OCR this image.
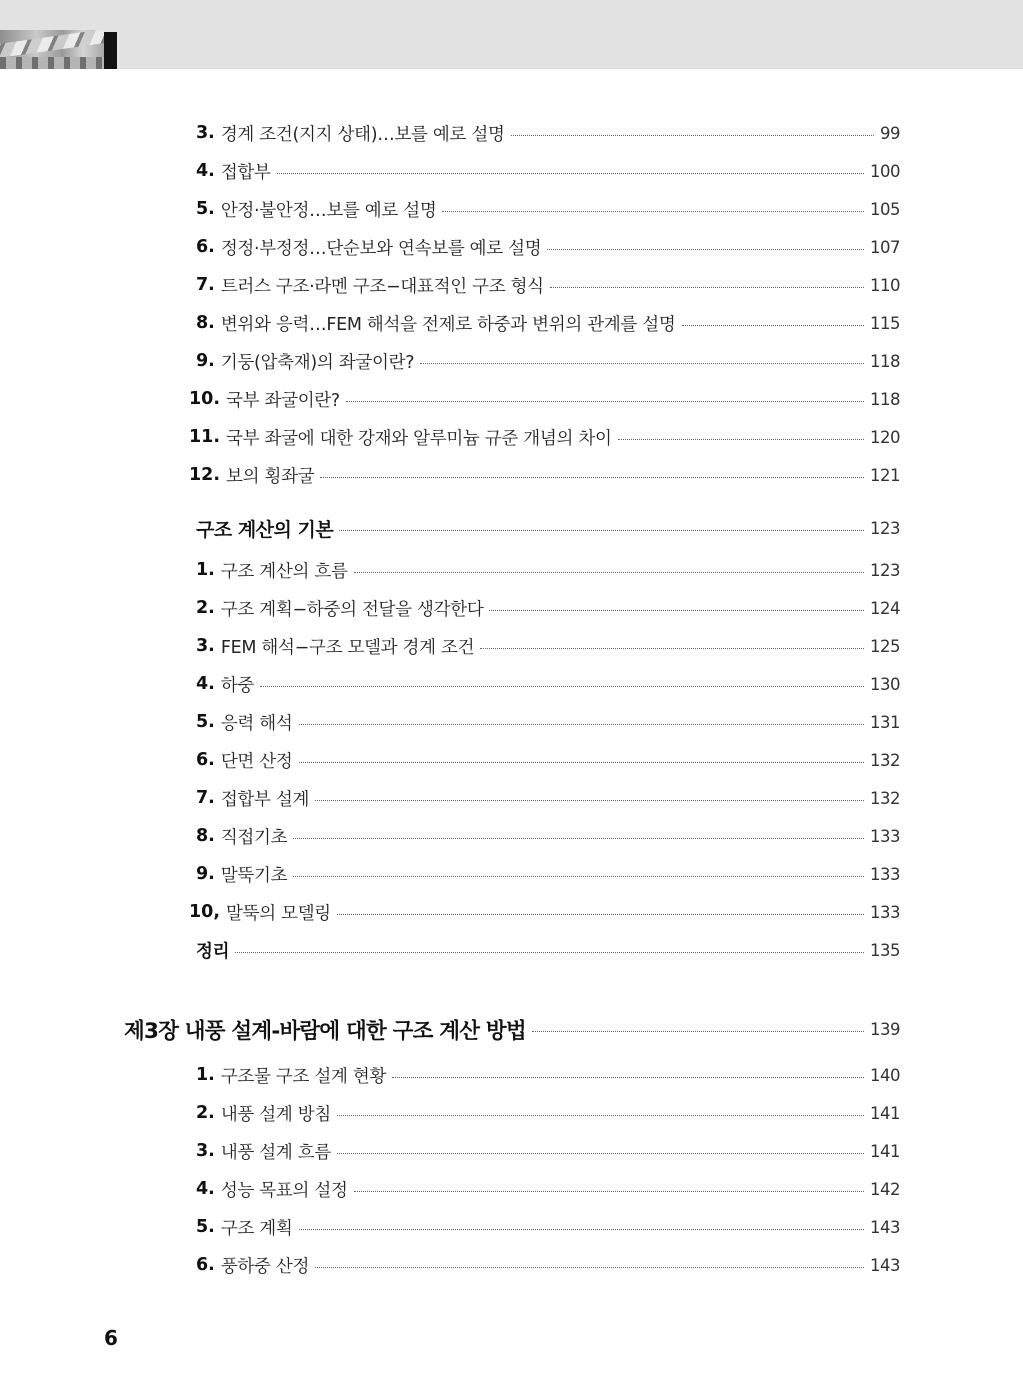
3. 경계 조건(지지 상태)…보를 예로 설명	99
4. 접합부	100
5. 안정·불안정…보를 예로 설명	105
6. 정정·부정정…단순보와 연속보를 예로 설명	107
7. 트러스 구조·라멘 구조−대표적인 구조 형식	110
8. 변위와 응력…FEM 해석을 전제로 하중과 변위의 관계를 설명	115
9. 기둥(압축재)의 좌굴이란?	118
10. 국부 좌굴이란?	118
11. 국부 좌굴에 대한 강재와 알루미늄 규준 개념의 차이	120
12. 보의 횡좌굴	121
구조 계산의 기본	123
1. 구조 계산의 흐름	123
2. 구조 계획−하중의 전달을 생각한다	124
3. FEM 해석−구조 모델과 경계 조건	125
4. 하중	130
5. 응력 해석	131
6. 단면 산정	132
7. 접합부 설계	132
8. 직접기초	133
9. 말뚝기초	133
10, 말뚝의 모델링	133
정리	135
제3장 내풍 설계-바람에 대한 구조 계산 방법	139
1. 구조물 구조 설계 현황	140
2. 내풍 설계 방침	141
3. 내풍 설계 흐름	141
4. 성능 목표의 설정	142
5. 구조 계획	143
6. 풍하중 산정	143
6
